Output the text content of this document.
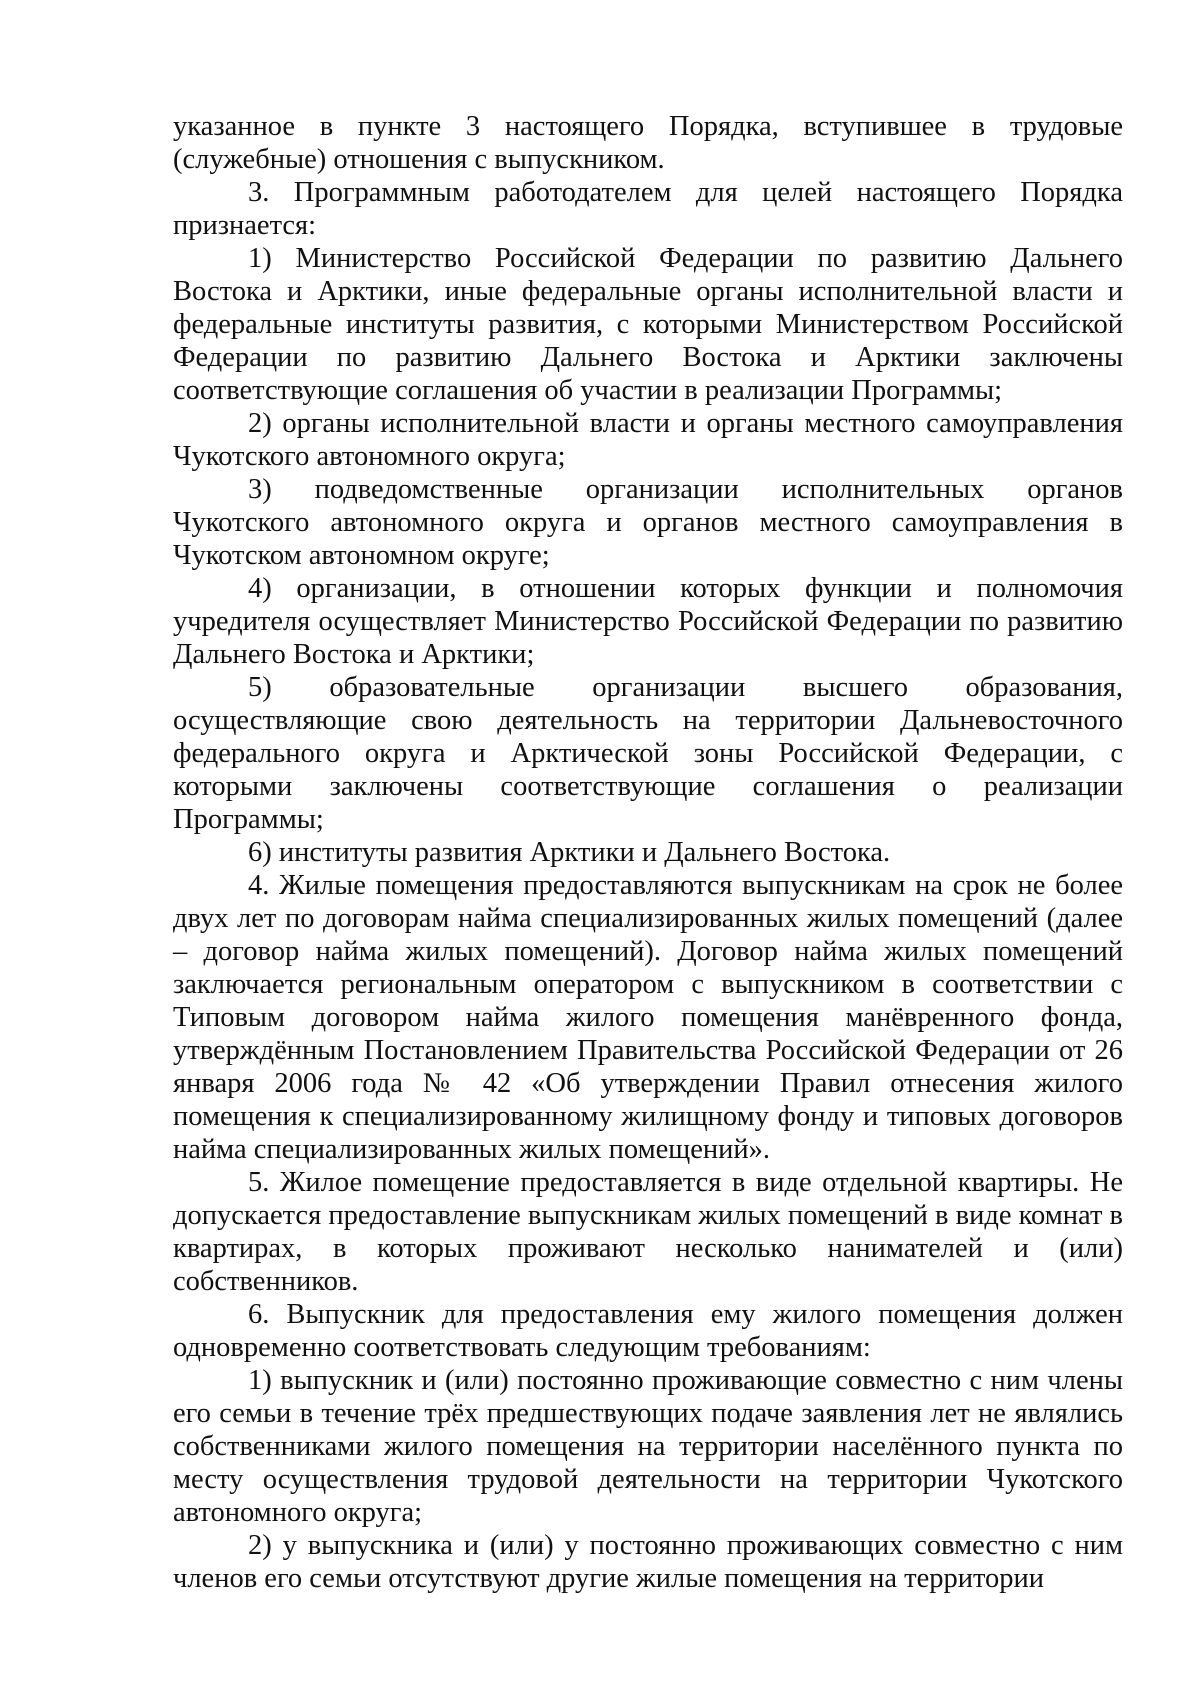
указанное в пункте 3 настоящего Порядка, вступившее в трудовые (служебные) отношения с выпускником.

3. Программным работодателем для целей настоящего Порядка признается:

1) Министерство Российской Федерации по развитию Дальнего Востока и Арктики, иные федеральные органы исполнительной власти и федеральные институты развития, с которыми Министерством Российской Федерации по развитию Дальнего Востока и Арктики заключены соответствующие соглашения об участии в реализации Программы;

2) органы исполнительной власти и органы местного самоуправления Чукотского автономного округа;

3) подведомственные организации исполнительных органов Чукотского автономного округа и органов местного самоуправления в Чукотском автономном округе;

4) организации, в отношении которых функции и полномочия учредителя осуществляет Министерство Российской Федерации по развитию Дальнего Востока и Арктики;

5) образовательные организации высшего образования, осуществляющие свою деятельность на территории Дальневосточного федерального округа и Арктической зоны Российской Федерации, с которыми заключены соответствующие соглашения о реализации Программы;

6) институты развития Арктики и Дальнего Востока.

4. Жилые помещения предоставляются выпускникам на срок не более двух лет по договорам найма специализированных жилых помещений (далее – договор найма жилых помещений). Договор найма жилых помещений заключается региональным оператором с выпускником в соответствии с Типовым договором найма жилого помещения манёвренного фонда, утверждённым Постановлением Правительства Российской Федерации от 26 января 2006 года № 42 «Об утверждении Правил отнесения жилого помещения к специализированному жилищному фонду и типовых договоров найма специализированных жилых помещений».

5. Жилое помещение предоставляется в виде отдельной квартиры. Не допускается предоставление выпускникам жилых помещений в виде комнат в квартирах, в которых проживают несколько нанимателей и (или) собственников.

6. Выпускник для предоставления ему жилого помещения должен одновременно соответствовать следующим требованиям:

1) выпускник и (или) постоянно проживающие совместно с ним члены его семьи в течение трёх предшествующих подаче заявления лет не являлись собственниками жилого помещения на территории населённого пункта по месту осуществления трудовой деятельности на территории Чукотского автономного округа;

2) у выпускника и (или) у постоянно проживающих совместно с ним членов его семьи отсутствуют другие жилые помещения на территории
